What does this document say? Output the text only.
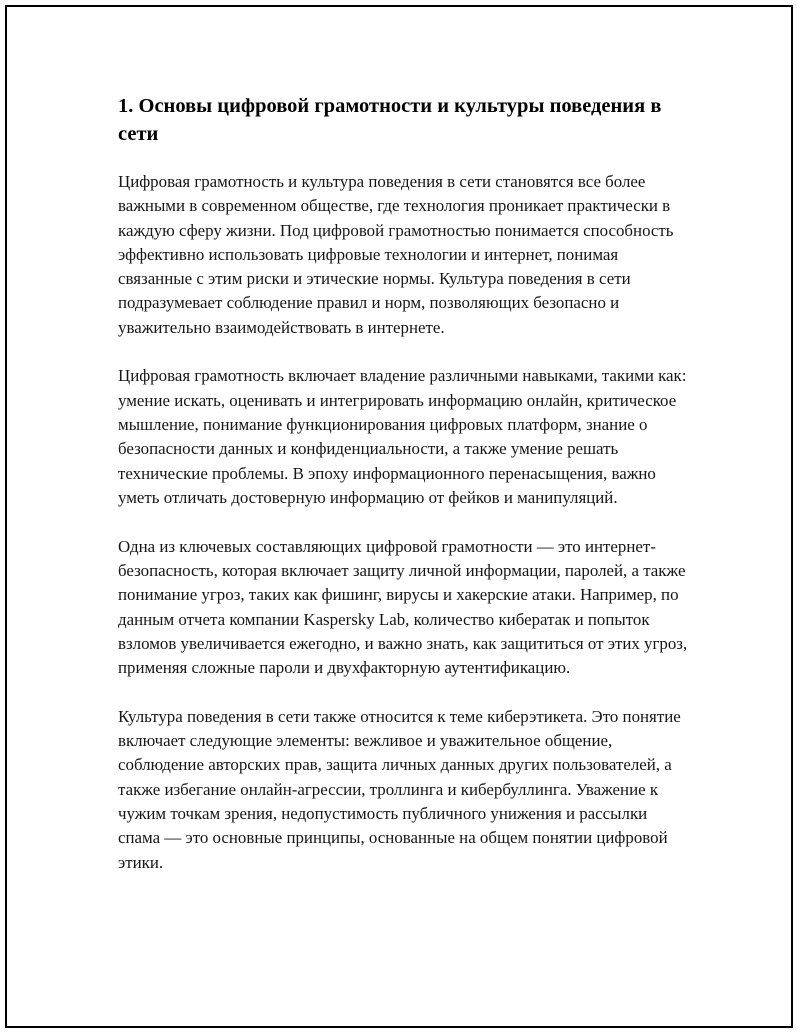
1. Основы цифровой грамотности и культуры поведения в сети

Цифровая грамотность и культура поведения в сети становятся все более важными в современном обществе, где технология проникает практически в каждую сферу жизни. Под цифровой грамотностью понимается способность эффективно использовать цифровые технологии и интернет, понимая связанные с этим риски и этические нормы. Культура поведения в сети подразумевает соблюдение правил и норм, позволяющих безопасно и уважительно взаимодействовать в интернете.

Цифровая грамотность включает владение различными навыками, такими как: умение искать, оценивать и интегрировать информацию онлайн, критическое мышление, понимание функционирования цифровых платформ, знание о безопасности данных и конфиденциальности, а также умение решать технические проблемы. В эпоху информационного перенасыщения, важно уметь отличать достоверную информацию от фейков и манипуляций.

Одна из ключевых составляющих цифровой грамотности — это интернет-безопасность, которая включает защиту личной информации, паролей, а также понимание угроз, таких как фишинг, вирусы и хакерские атаки. Например, по данным отчета компании Kaspersky Lab, количество кибератак и попыток взломов увеличивается ежегодно, и важно знать, как защититься от этих угроз, применяя сложные пароли и двухфакторную аутентификацию.

Культура поведения в сети также относится к теме киберэтикета. Это понятие включает следующие элементы: вежливое и уважительное общение, соблюдение авторских прав, защита личных данных других пользователей, а также избегание онлайн-агрессии, троллинга и кибербуллинга. Уважение к чужим точкам зрения, недопустимость публичного унижения и рассылки спама — это основные принципы, основанные на общем понятии цифровой этики.
